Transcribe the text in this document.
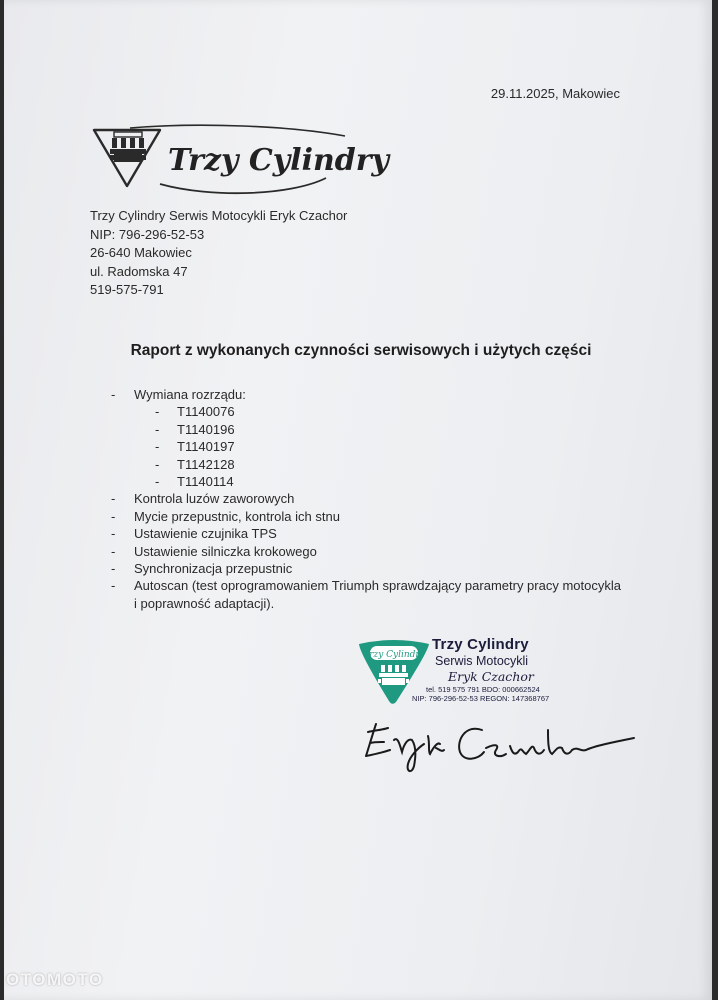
29.11.2025, Makowiec
Trzy Cylindry
Trzy Cylindry Serwis Motocykli Eryk Czachor
NIP: 796-296-52-53
26-640 Makowiec
ul. Radomska 47
519-575-791
Raport z wykonanych czynności serwisowych i użytych części
- Wymiana rozrządu:
- T1140076
- T1140196
- T1140197
- T1142128
- T1140114
- Kontrola luzów zaworowych
- Mycie przepustnic, kontrola ich stnu
- Ustawienie czujnika TPS
- Ustawienie silniczka krokowego
- Synchronizacja przepustnic
- Autoscan (test oprogramowaniem Triumph sprawdzający parametry pracy motocykla
i poprawność adaptacji).
Trzy Cylindry
Trzy Cylindry
Serwis Motocykli
Eryk Czachor
tel. 519 575 791 BDO: 000662524
NIP: 796-296-52-53 REGON: 147368767
OTOMOTO
